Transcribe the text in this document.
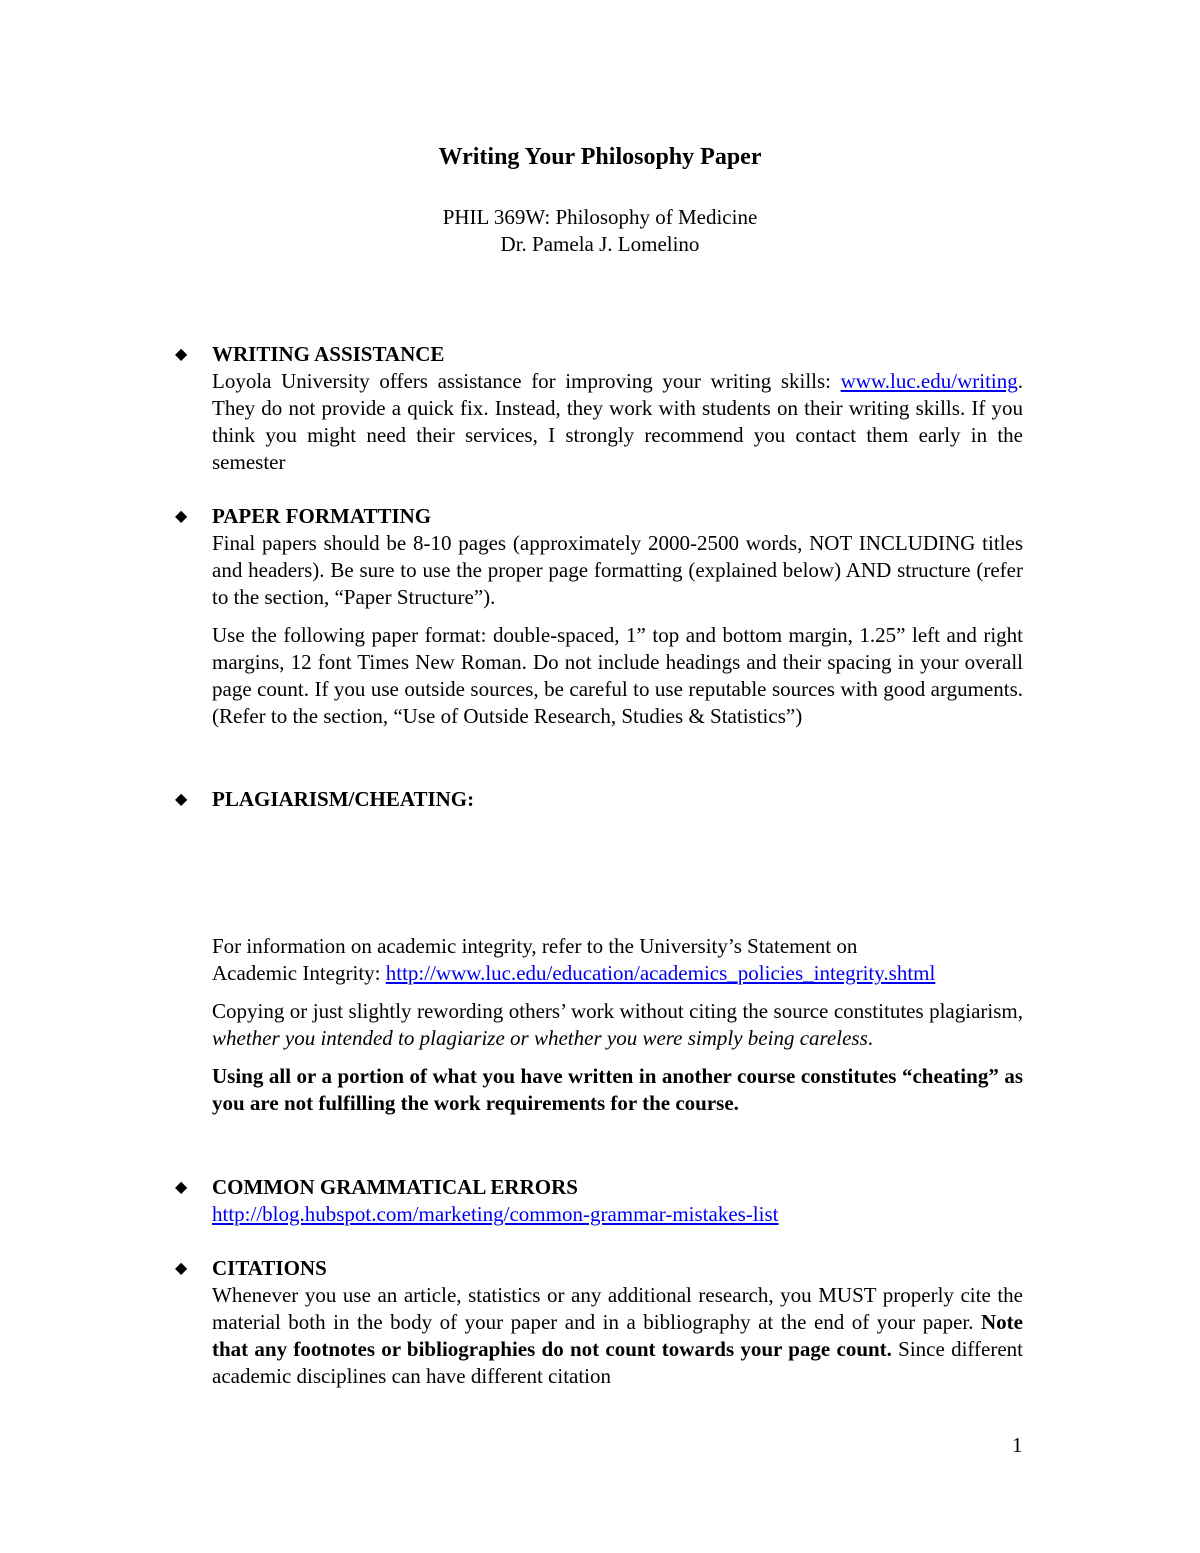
Writing Your Philosophy Paper
PHIL 369W: Philosophy of Medicine
Dr. Pamela J. Lomelino
◆	WRITING ASSISTANCE

Loyola University offers assistance for improving your writing skills: www.luc.edu/writing. They do not provide a quick fix. Instead, they work with students on their writing skills. If you think you might need their services, I strongly recommend you contact them early in the semester

◆	PAPER FORMATTING

Final papers should be 8-10 pages (approximately 2000-2500 words, NOT INCLUDING titles and headers). Be sure to use the proper page formatting (explained below) AND structure (refer to the section, “Paper Structure”).

Use the following paper format: double-spaced, 1” top and bottom margin, 1.25” left and right margins, 12 font Times New Roman. Do not include headings and their spacing in your overall page count. If you use outside sources, be careful to use reputable sources with good arguments. (Refer to the section, “Use of Outside Research, Studies & Statistics”)

◆	PLAGIARISM/CHEATING:
For information on academic integrity, refer to the University’s Statement on
Academic Integrity: http://www.luc.edu/education/academics_policies_integrity.shtml

Copying or just slightly rewording others’ work without citing the source constitutes plagiarism, whether you intended to plagiarize or whether you were simply being careless.

Using all or a portion of what you have written in another course constitutes “cheating” as you are not fulfilling the work requirements for the course.

◆	COMMON GRAMMATICAL ERRORS
http://blog.hubspot.com/marketing/common-grammar-mistakes-list
◆	CITATIONS

Whenever you use an article, statistics or any additional research, you MUST properly cite the material both in the body of your paper and in a bibliography at the end of your paper. Note that any footnotes or bibliographies do not count towards your page count. Since different academic disciplines can have different citation

1
